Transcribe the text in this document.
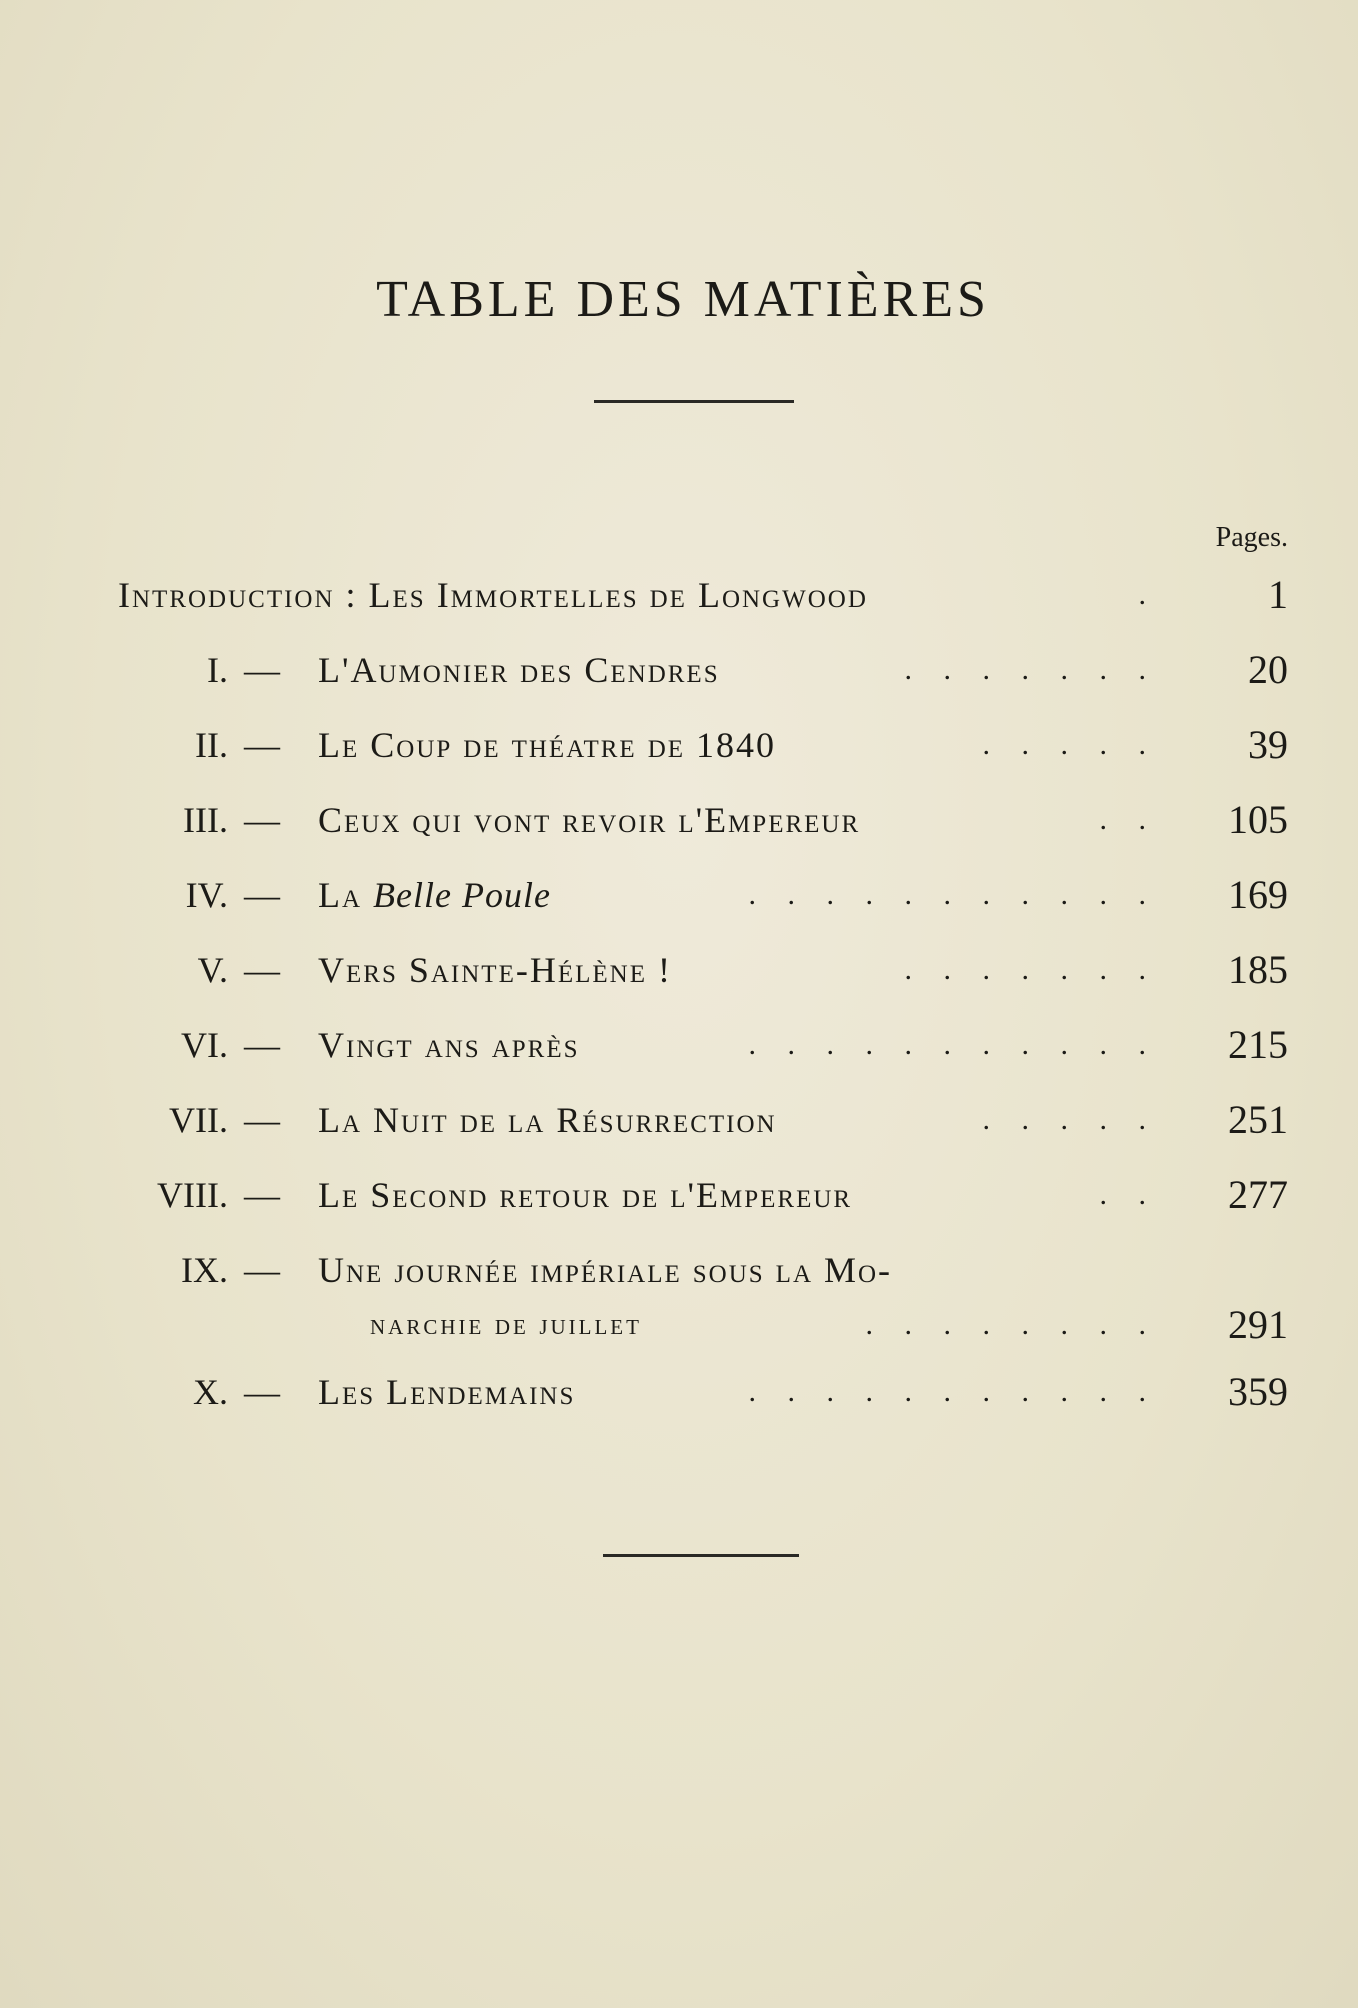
TABLE DES MATIÈRES
Pages.
Introduction : Les Immortelles de Longwood	.	1
I. — L'Aumonier des Cendres	. . . . . . . 20
II. — Le Coup de théatre de 1840	. . . . . 39
III. — Ceux qui vont revoir l'Empereur	. . 105
IV. — La Belle Poule	. . . . . . . . . . . 169
V. — Vers Sainte-Hélène !	. . . . . . . 185
VI. — Vingt ans après	. . . . . . . . . . . 215
VII. — La Nuit de la Résurrection	. . . . . 251
VIII. — Le Second retour de l'Empereur	. . 277
IX. — Une journée impériale sous la Mo-
narchie de juillet	. . . . . . . . 291
X. — Les Lendemains	. . . . . . . . . . . 359
